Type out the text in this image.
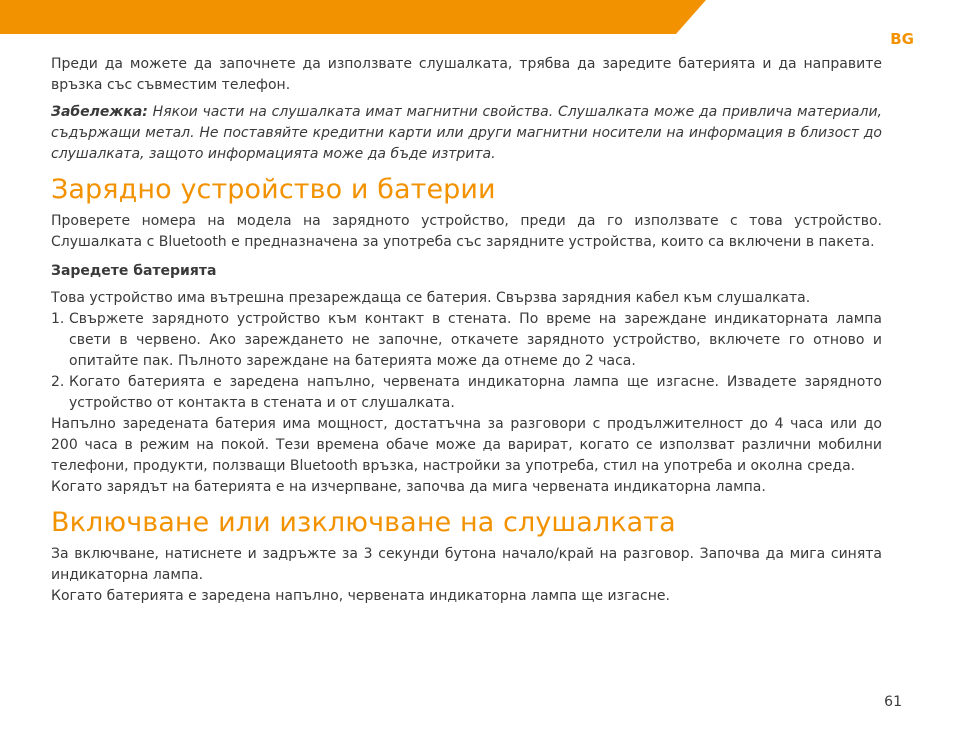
BG

Преди да можете да започнете да използвате слушалката, трябва да заредите батерията и да направите връзка със съвместим телефон.

Забележка: Някои части на слушалката имат магнитни свойства. Слушалката може да привлича материали, съдържащи метал. Не поставяйте кредитни карти или други магнитни носители на информация в близост до слушалката, защото информацията може да бъде изтрита.

Зарядно устройство и батерии

Проверете номера на модела на зарядното устройство, преди да го използвате с това устройство. Слушалката с Bluetooth е предназначена за употреба със зарядните устройства, които са включени в пакета.

Заредете батерията

Това устройство има вътрешна презареждаща се батерия. Свързва зарядния кабел към слушалката.

1. Свържете зарядното устройство към контакт в стената. По време на зареждане индикаторната лампа свети в червено. Ако зареждането не започне, откачете зарядното устройство, включете го отново и опитайте пак. Пълното зареждане на батерията може да отнеме до 2 часа.
2. Когато батерията е заредена напълно, червената индикаторна лампа ще изгасне. Извадете зарядното устройство от контакта в стената и от слушалката.

Напълно заредената батерия има мощност, достатъчна за разговори с продължителност до 4 часа или до 200 часа в режим на покой. Тези времена обаче може да варират, когато се използват различни мобилни телефони, продукти, ползващи Bluetooth връзка, настройки за употреба, стил на употреба и околна среда.

Когато зарядът на батерията е на изчерпване, започва да мига червената индикаторна лампа.

Включване или изключване на слушалката

За включване, натиснете и задръжте за 3 секунди бутона начало/край на разговор. Започва да мига синята индикаторна лампа.

Когато батерията е заредена напълно, червената индикаторна лампа ще изгасне.

61
